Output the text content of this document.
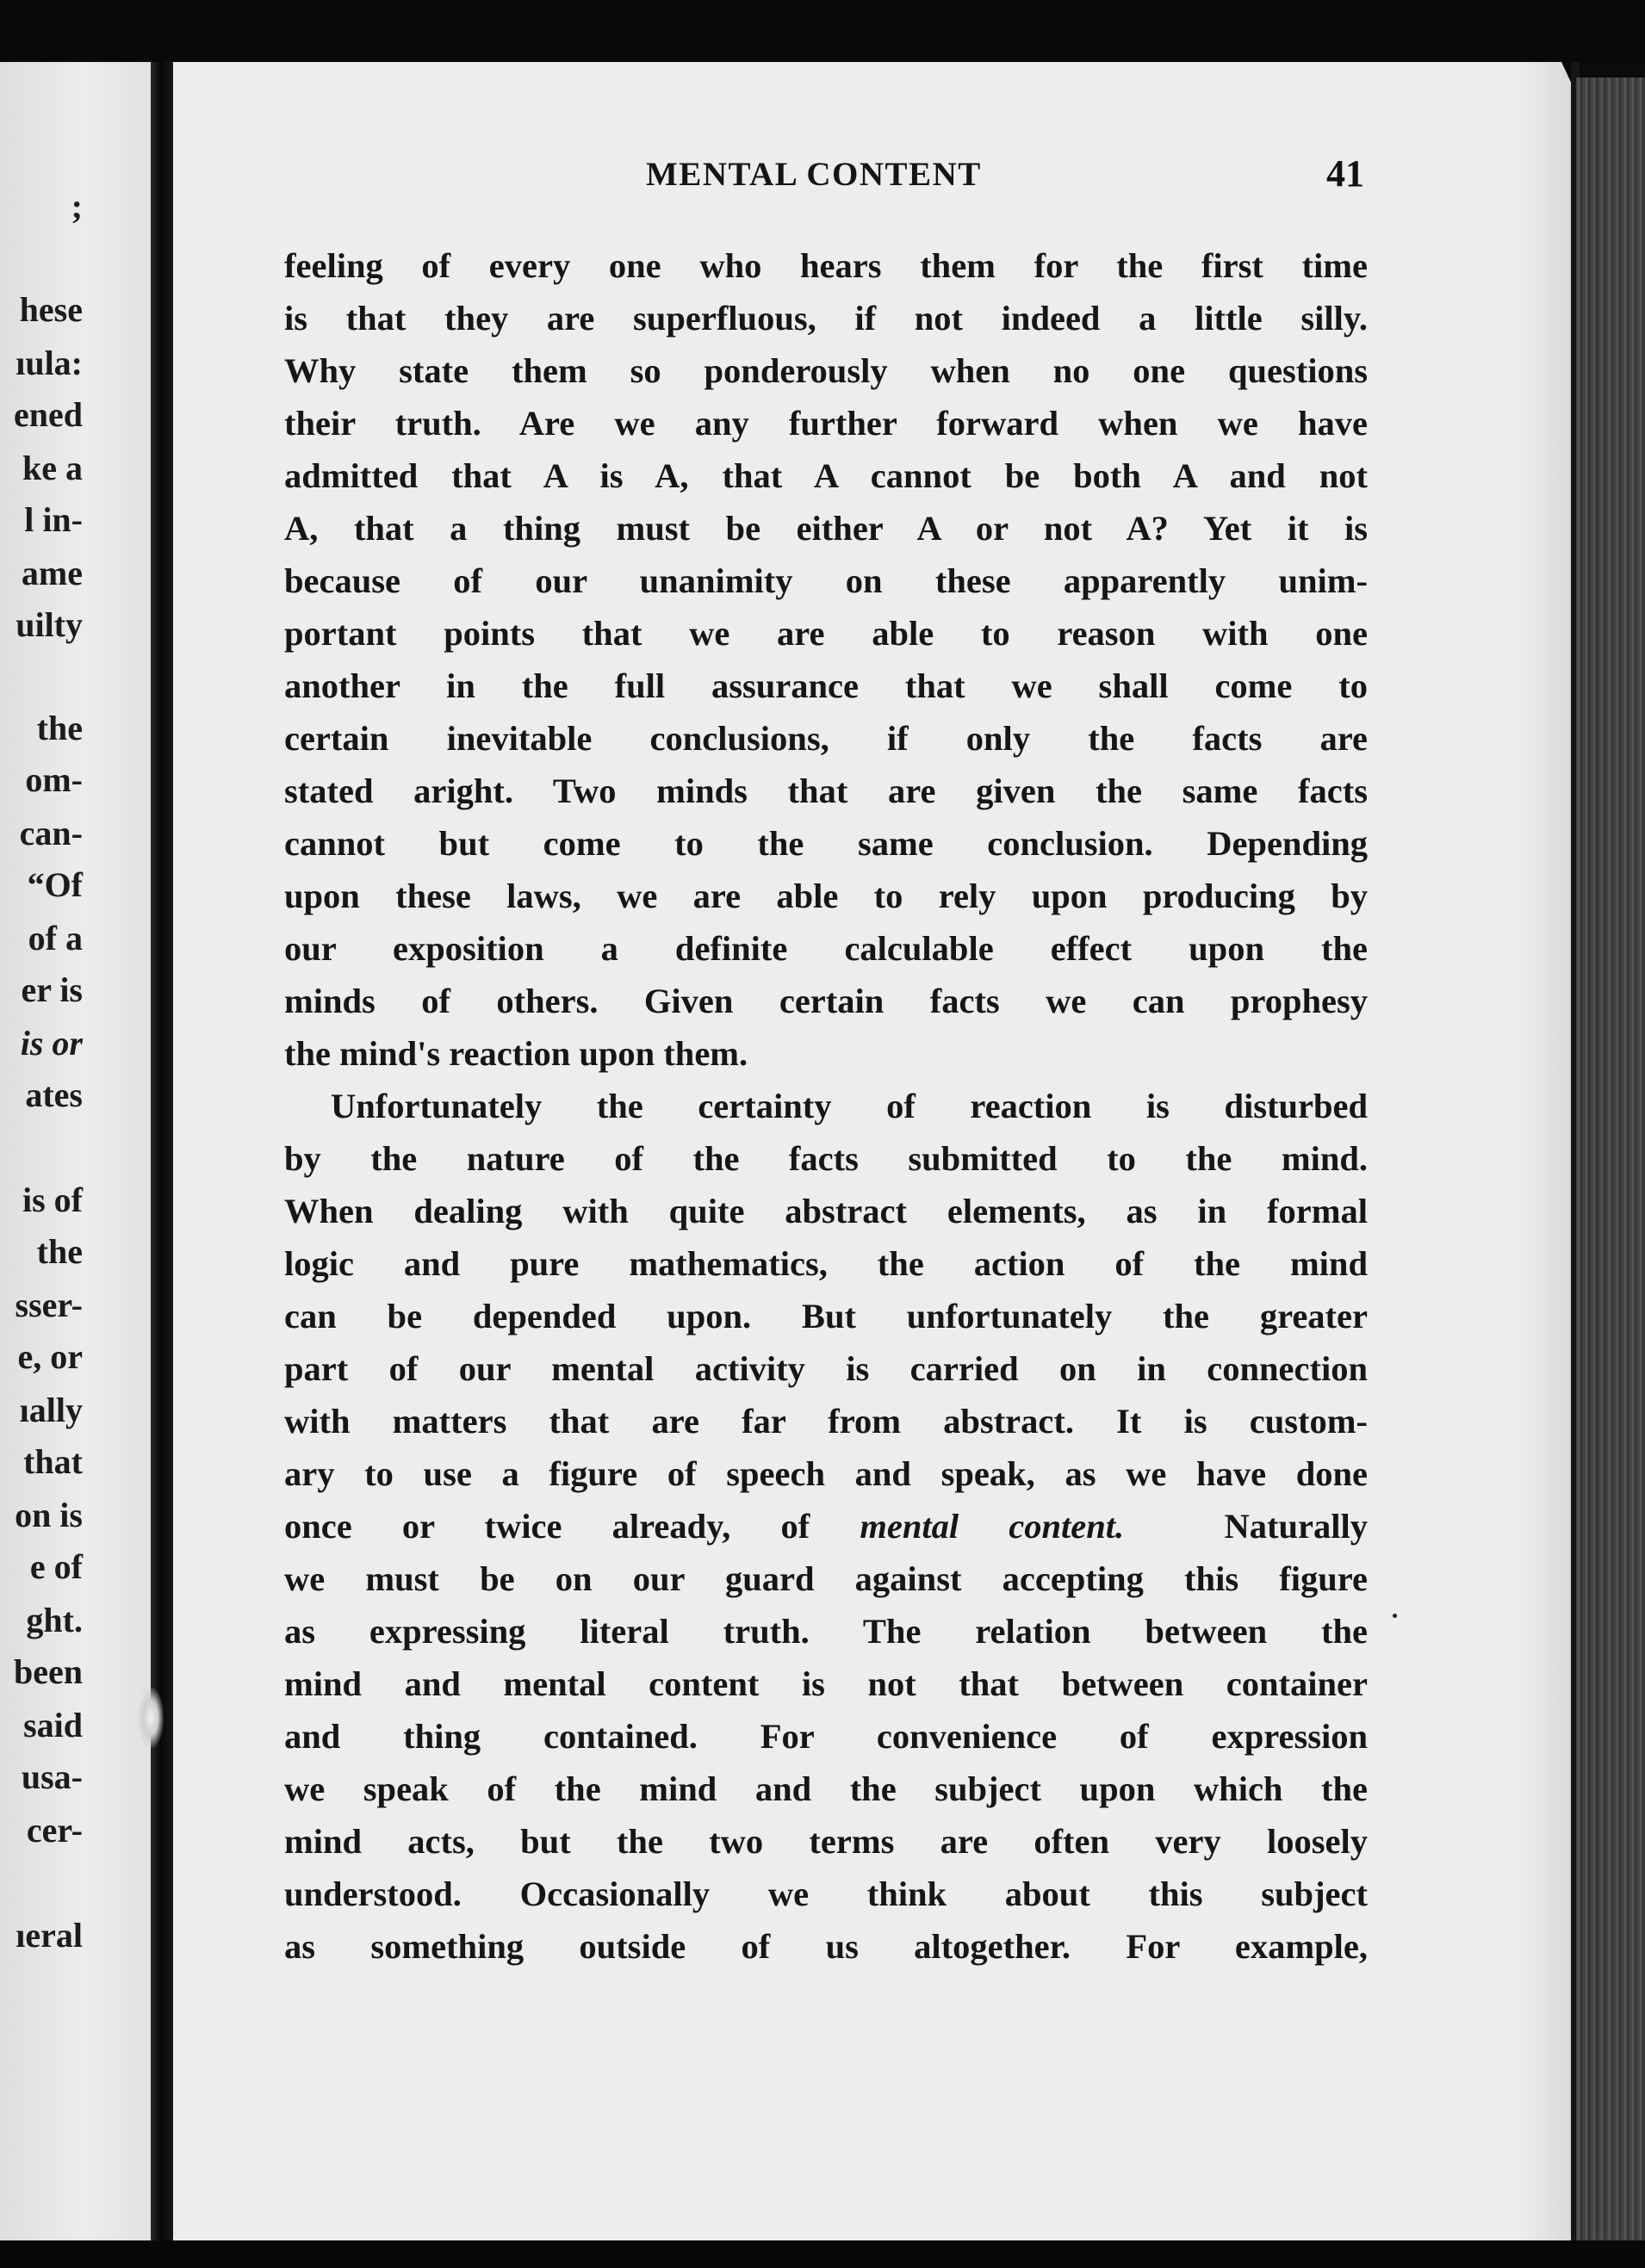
;
hese
ıula:
ened
ke a
l in-
ame
uilty
the
om-
can-
“Of
of a
er is
is or
ates
is of
the
sser-
e, or
ıally
that
on is
e of
ght.
been
said
usa-
cer-
ıeral
MENTAL CONTENT	41
feeling of every one who hears them for the first time
is that they are superfluous, if not indeed a little silly.
Why state them so ponderously when no one questions
their truth. Are we any further forward when we have
admitted that A is A, that A cannot be both A and not
A, that a thing must be either A or not A? Yet it is
because of our unanimity on these apparently unim-
portant points that we are able to reason with one
another in the full assurance that we shall come to
certain inevitable conclusions, if only the facts are
stated aright. Two minds that are given the same facts
cannot but come to the same conclusion. Depending
upon these laws, we are able to rely upon producing by
our exposition a definite calculable effect upon the
minds of others. Given certain facts we can prophesy
the mind's reaction upon them.
Unfortunately the certainty of reaction is disturbed
by the nature of the facts submitted to the mind.
When dealing with quite abstract elements, as in formal
logic and pure mathematics, the action of the mind
can be depended upon. But unfortunately the greater
part of our mental activity is carried on in connection
with matters that are far from abstract. It is custom-
ary to use a figure of speech and speak, as we have done
once or twice already, of mental content.  Naturally
we must be on our guard against accepting this figure
as expressing literal truth. The relation between the
mind and mental content is not that between container
and thing contained. For convenience of expression
we speak of the mind and the subject upon which the
mind acts, but the two terms are often very loosely
understood. Occasionally we think about this subject
as something outside of us altogether. For example,
